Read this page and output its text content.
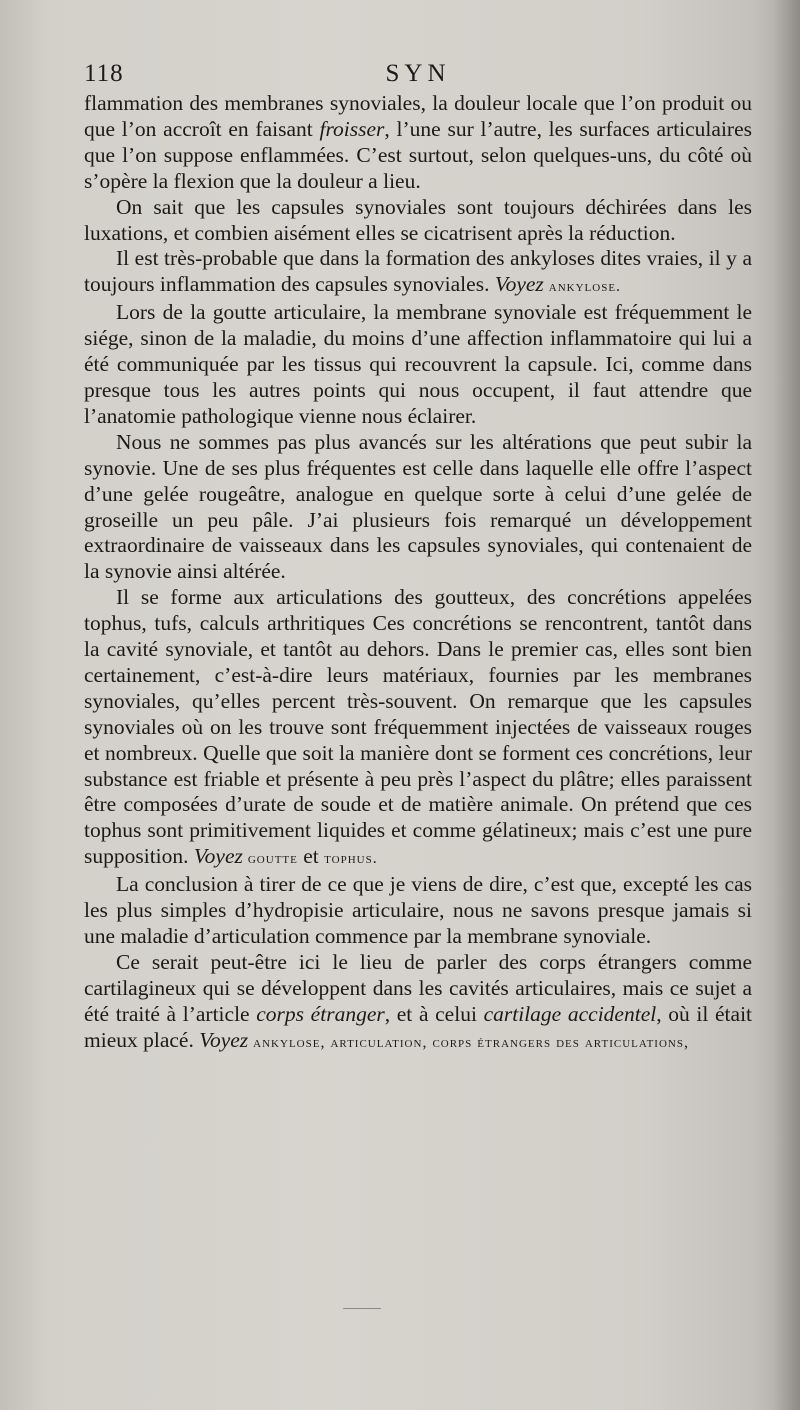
118	SYN

flammation des membranes synoviales, la douleur locale que l’on produit ou que l’on accroît en faisant froisser, l’une sur l’autre, les surfaces articulaires que l’on suppose enflammées. C’est surtout, selon quelques-uns, du côté où s’opère la flexion que la douleur a lieu.

On sait que les capsules synoviales sont toujours déchirées dans les luxations, et combien aisément elles se cicatrisent après la réduction.

Il est très-probable que dans la formation des ankyloses dites vraies, il y a toujours inflammation des capsules synoviales. Voyez ankylose.

Lors de la goutte articulaire, la membrane synoviale est fréquemment le siége, sinon de la maladie, du moins d’une affection inflammatoire qui lui a été communiquée par les tissus qui recouvrent la capsule. Ici, comme dans presque tous les autres points qui nous occupent, il faut attendre que l’anatomie pathologique vienne nous éclairer.

Nous ne sommes pas plus avancés sur les altérations que peut subir la synovie. Une de ses plus fréquentes est celle dans laquelle elle offre l’aspect d’une gelée rougeâtre, analogue en quelque sorte à celui d’une gelée de groseille un peu pâle. J’ai plusieurs fois remarqué un développement extraordinaire de vaisseaux dans les capsules synoviales, qui contenaient de la synovie ainsi altérée.

Il se forme aux articulations des goutteux, des concrétions appelées tophus, tufs, calculs arthritiques Ces concrétions se rencontrent, tantôt dans la cavité synoviale, et tantôt au dehors. Dans le premier cas, elles sont bien certainement, c’est-à-dire leurs matériaux, fournies par les membranes synoviales, qu’elles percent très-souvent. On remarque que les capsules synoviales où on les trouve sont fréquemment injectées de vaisseaux rouges et nombreux. Quelle que soit la manière dont se forment ces concrétions, leur substance est friable et présente à peu près l’aspect du plâtre; elles paraissent être composées d’urate de soude et de matière animale. On prétend que ces tophus sont primitivement liquides et comme gélatineux; mais c’est une pure supposition. Voyez goutte et tophus.

La conclusion à tirer de ce que je viens de dire, c’est que, excepté les cas les plus simples d’hydropisie articulaire, nous ne savons presque jamais si une maladie d’articulation commence par la membrane synoviale.

Ce serait peut-être ici le lieu de parler des corps étrangers comme cartilagineux qui se développent dans les cavités articulaires, mais ce sujet a été traité à l’article corps étranger, et à celui cartilage accidentel, où il était mieux placé. Voyez ankylose, articulation, corps étrangers des articulations,
